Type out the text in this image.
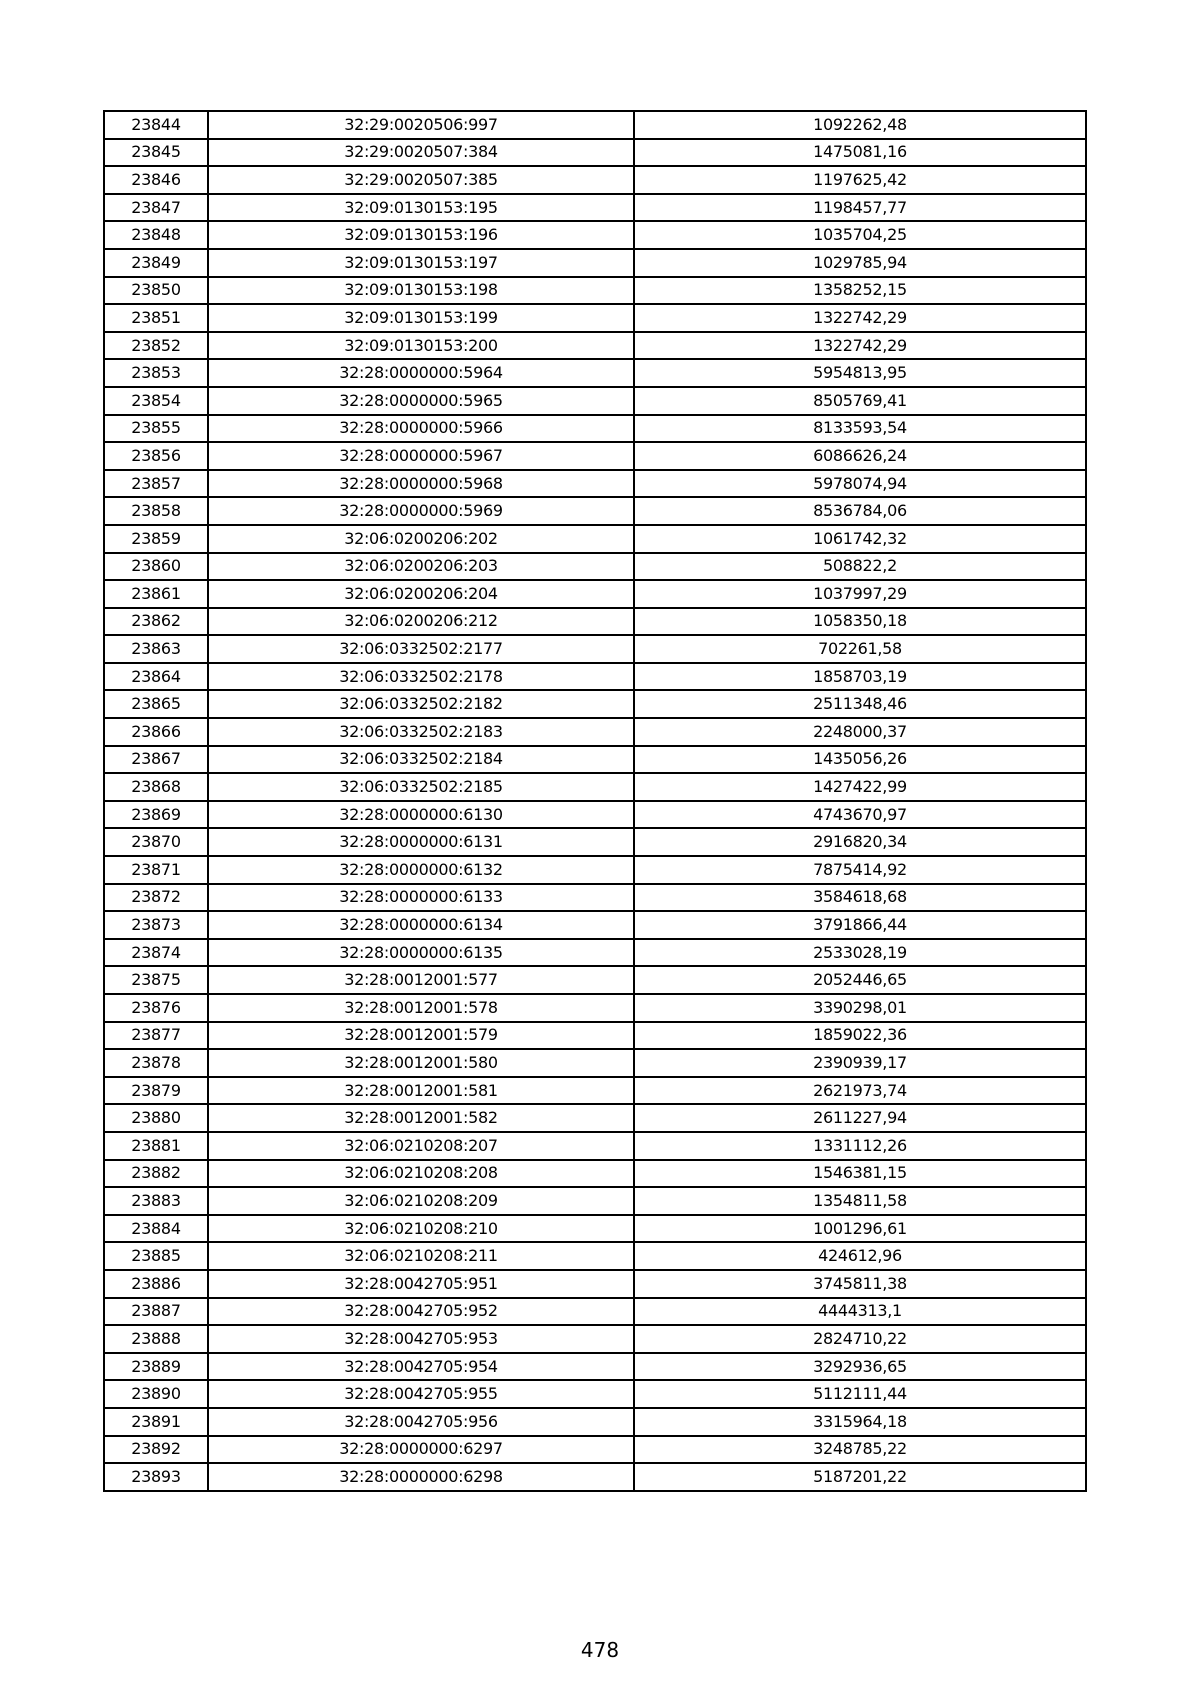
23844	32:29:0020506:997	1092262,48
23845	32:29:0020507:384	1475081,16
23846	32:29:0020507:385	1197625,42
23847	32:09:0130153:195	1198457,77
23848	32:09:0130153:196	1035704,25
23849	32:09:0130153:197	1029785,94
23850	32:09:0130153:198	1358252,15
23851	32:09:0130153:199	1322742,29
23852	32:09:0130153:200	1322742,29
23853	32:28:0000000:5964	5954813,95
23854	32:28:0000000:5965	8505769,41
23855	32:28:0000000:5966	8133593,54
23856	32:28:0000000:5967	6086626,24
23857	32:28:0000000:5968	5978074,94
23858	32:28:0000000:5969	8536784,06
23859	32:06:0200206:202	1061742,32
23860	32:06:0200206:203	508822,2
23861	32:06:0200206:204	1037997,29
23862	32:06:0200206:212	1058350,18
23863	32:06:0332502:2177	702261,58
23864	32:06:0332502:2178	1858703,19
23865	32:06:0332502:2182	2511348,46
23866	32:06:0332502:2183	2248000,37
23867	32:06:0332502:2184	1435056,26
23868	32:06:0332502:2185	1427422,99
23869	32:28:0000000:6130	4743670,97
23870	32:28:0000000:6131	2916820,34
23871	32:28:0000000:6132	7875414,92
23872	32:28:0000000:6133	3584618,68
23873	32:28:0000000:6134	3791866,44
23874	32:28:0000000:6135	2533028,19
23875	32:28:0012001:577	2052446,65
23876	32:28:0012001:578	3390298,01
23877	32:28:0012001:579	1859022,36
23878	32:28:0012001:580	2390939,17
23879	32:28:0012001:581	2621973,74
23880	32:28:0012001:582	2611227,94
23881	32:06:0210208:207	1331112,26
23882	32:06:0210208:208	1546381,15
23883	32:06:0210208:209	1354811,58
23884	32:06:0210208:210	1001296,61
23885	32:06:0210208:211	424612,96
23886	32:28:0042705:951	3745811,38
23887	32:28:0042705:952	4444313,1
23888	32:28:0042705:953	2824710,22
23889	32:28:0042705:954	3292936,65
23890	32:28:0042705:955	5112111,44
23891	32:28:0042705:956	3315964,18
23892	32:28:0000000:6297	3248785,22
23893	32:28:0000000:6298	5187201,22
478
